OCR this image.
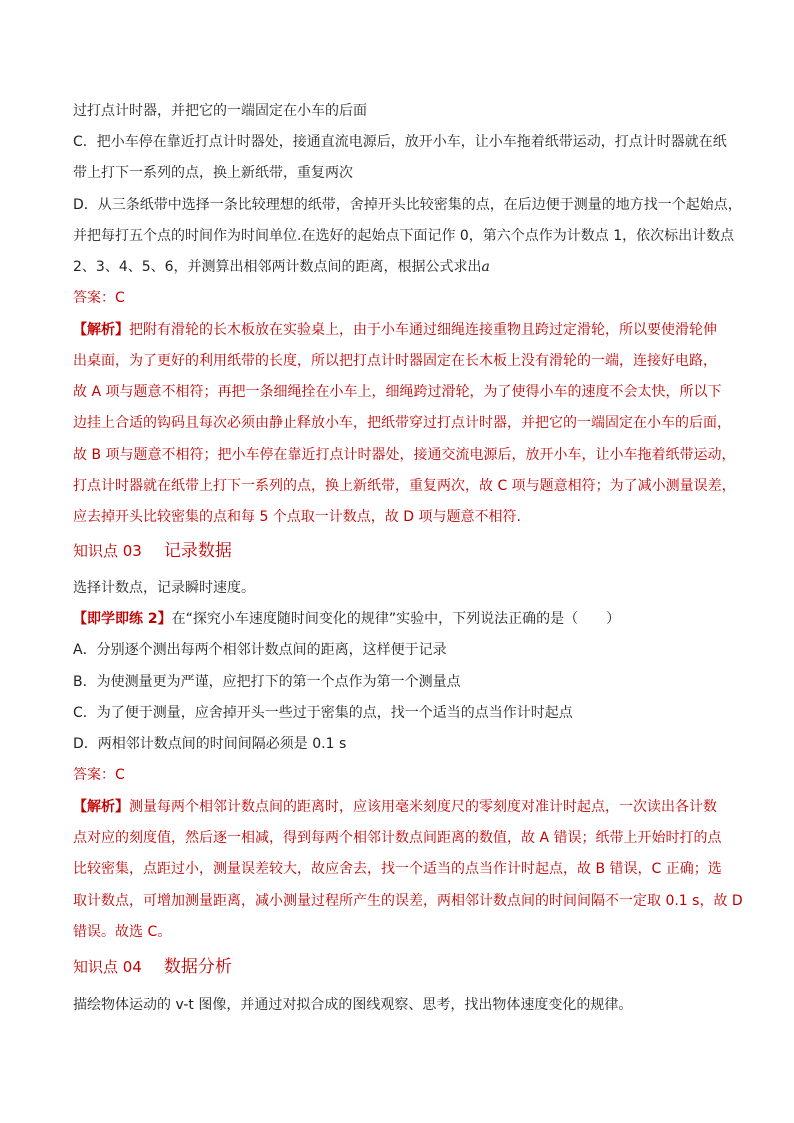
过打点计时器，并把它的一端固定在小车的后面
C．把小车停在靠近打点计时器处，接通直流电源后，放开小车，让小车拖着纸带运动，打点计时器就在纸
带上打下一系列的点，换上新纸带，重复两次
D．从三条纸带中选择一条比较理想的纸带，舍掉开头比较密集的点，在后边便于测量的地方找一个起始点，
并把每打五个点的时间作为时间单位.在选好的起始点下面记作 0，第六个点作为计数点 1，依次标出计数点
2、3、4、5、6，并测算出相邻两计数点间的距离，根据公式求出a
答案：C
【解析】把附有滑轮的长木板放在实验桌上，由于小车通过细绳连接重物且跨过定滑轮，所以要使滑轮伸
出桌面，为了更好的利用纸带的长度，所以把打点计时器固定在长木板上没有滑轮的一端，连接好电路，
故 A 项与题意不相符；再把一条细绳拴在小车上，细绳跨过滑轮，为了使得小车的速度不会太快，所以下
边挂上合适的钩码且每次必须由静止释放小车，把纸带穿过打点计时器，并把它的一端固定在小车的后面，
故 B 项与题意不相符；把小车停在靠近打点计时器处，接通交流电源后，放开小车，让小车拖着纸带运动，
打点计时器就在纸带上打下一系列的点，换上新纸带，重复两次，故 C 项与题意相符；为了减小测量误差，
应去掉开头比较密集的点和每 5 个点取一计数点，故 D 项与题意不相符.
知识点 03 记录数据
选择计数点，记录瞬时速度。
【即学即练 2】在“探究小车速度随时间变化的规律”实验中，下列说法正确的是（　　）
A．分别逐个测出每两个相邻计数点间的距离，这样便于记录
B．为使测量更为严谨，应把打下的第一个点作为第一个测量点
C．为了便于测量，应舍掉开头一些过于密集的点，找一个适当的点当作计时起点
D．两相邻计数点间的时间间隔必须是 0.1 s
答案：C
【解析】测量每两个相邻计数点间的距离时，应该用毫米刻度尺的零刻度对准计时起点，一次读出各计数
点对应的刻度值，然后逐一相减，得到每两个相邻计数点间距离的数值，故 A 错误；纸带上开始时打的点
比较密集，点距过小，测量误差较大，故应舍去，找一个适当的点当作计时起点，故 B 错误，C 正确；选
取计数点，可增加测量距离，减小测量过程所产生的误差，两相邻计数点间的时间间隔不一定取 0.1 s，故 D
错误。故选 C。
知识点 04 数据分析
描绘物体运动的 v-t 图像，并通过对拟合成的图线观察、思考，找出物体速度变化的规律。
